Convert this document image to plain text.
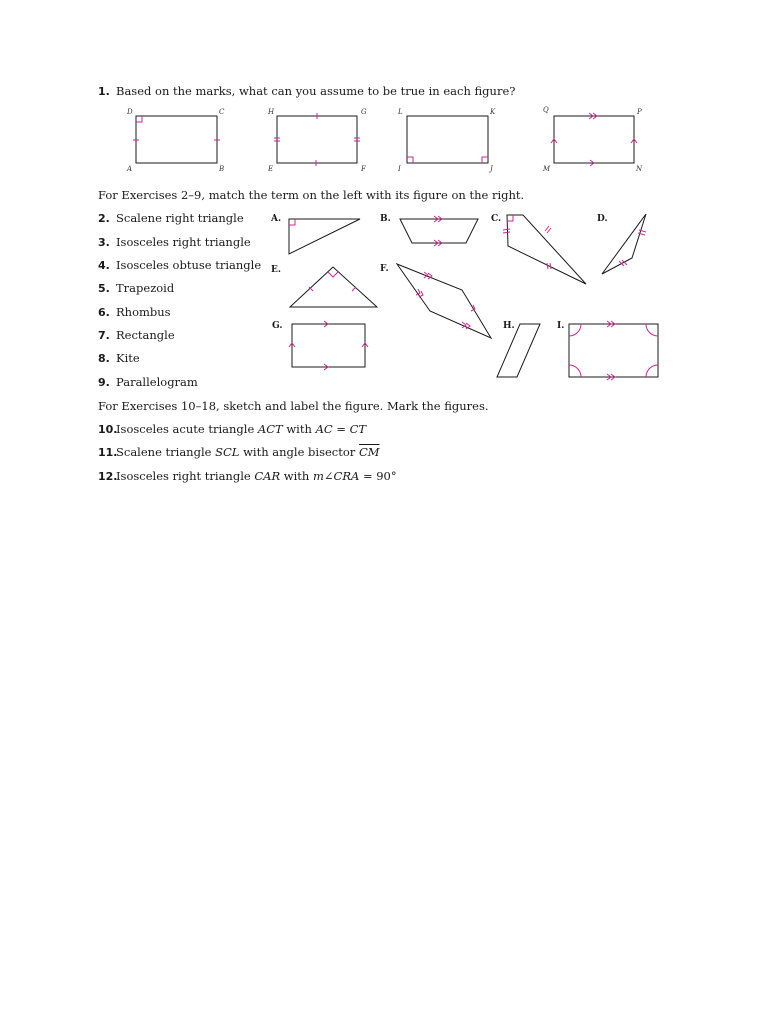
1. Based on the marks, what can you assume to be true in each figure?
D	C
A	B
H	G
E	F
L	K
I	J
Q	P
M	N
For Exercises 2–9, match the term on the left with its figure on the right.
2. Scalene right triangle
3. Isosceles right triangle
4. Isosceles obtuse triangle
5. Trapezoid
6. Rhombus
7. Rectangle
8. Kite
9. Parallelogram
A.	B.	C.	D.
E.	F.
G.	H.	I.
For Exercises 10–18, sketch and label the figure. Mark the figures.
10.Isosceles acute triangle ACT with AC = CT
11.Scalene triangle SCL with angle bisector $\overline{CM}$
12.Isosceles right triangle CAR with m∠CRA = 90°
